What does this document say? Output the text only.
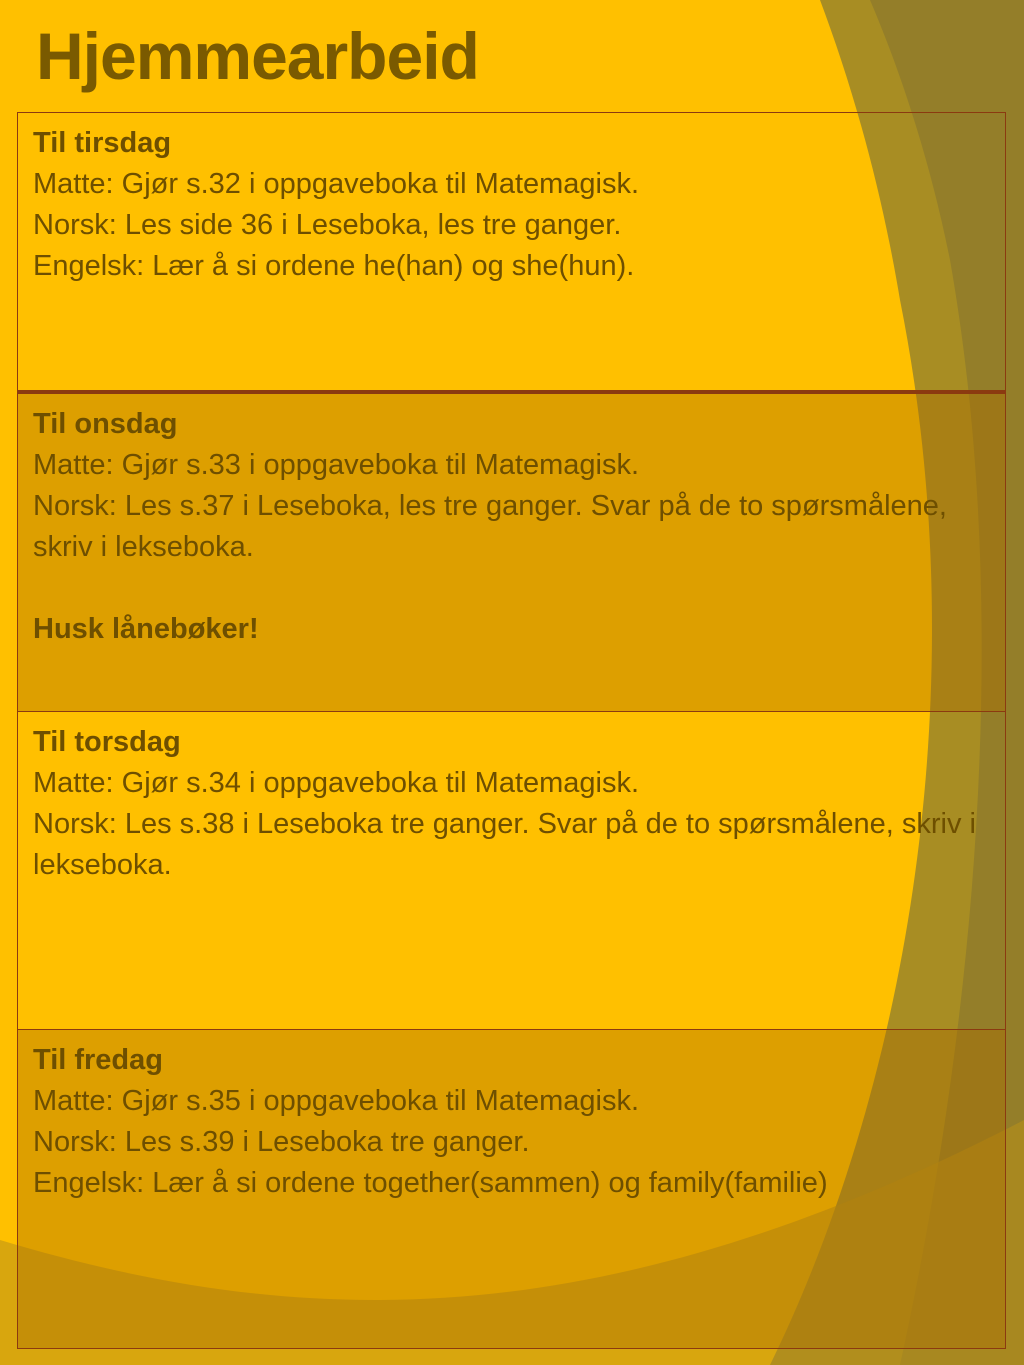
Hjemmearbeid
Til tirsdag
Matte: Gjør s.32 i oppgaveboka til Matemagisk.
Norsk: Les side 36 i Leseboka, les tre ganger.
Engelsk: Lær å si ordene he(han) og she(hun).
Til onsdag
Matte: Gjør s.33 i oppgaveboka til Matemagisk.
Norsk: Les s.37 i Leseboka, les tre ganger. Svar på de to spørsmålene, skriv i lekseboka.
Husk lånebøker!
Til torsdag
Matte: Gjør s.34 i oppgaveboka til Matemagisk.
Norsk: Les s.38 i Leseboka tre ganger. Svar på de to spørsmålene, skriv i lekseboka.
Til fredag
Matte: Gjør s.35 i oppgaveboka til Matemagisk.
Norsk: Les s.39 i Leseboka tre ganger.
Engelsk: Lær å si ordene together(sammen) og family(familie)
